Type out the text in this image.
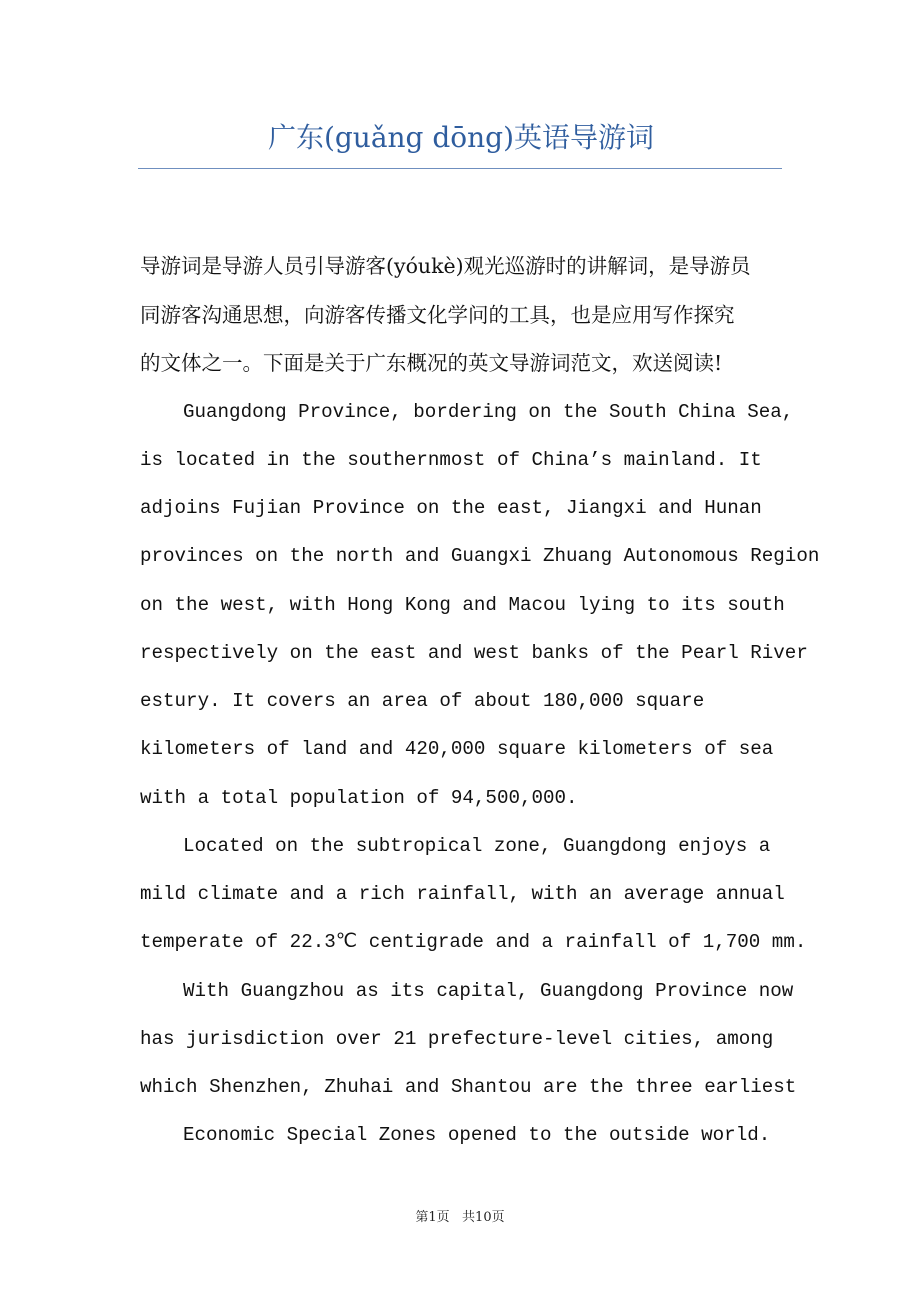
广东(guǎng dōng)英语导游词

导游词是导游人员引导游客(yóukè)观光巡游时的讲解词，是导游员
同游客沟通思想，向游客传播文化学问的工具，也是应用写作探究
的文体之一。下面是关于广东概况的英文导游词范文，欢送阅读!

Guangdong Province, bordering on the South China Sea,
is located in the southernmost of China’s mainland. It
adjoins Fujian Province on the east, Jiangxi and Hunan
provinces on the north and Guangxi Zhuang Autonomous Region
on the west, with Hong Kong and Macou lying to its south
respectively on the east and west banks of the Pearl River
estury. It covers an area of about 180,000 square
kilometers of land and 420,000 square kilometers of sea
with a total population of 94,500,000.

Located on the subtropical zone, Guangdong enjoys a
mild climate and a rich rainfall, with an average annual
temperate of 22.3℃ centigrade and a rainfall of 1,700 mm.

With Guangzhou as its capital, Guangdong Province now
has jurisdiction over 21 prefecture-level cities, among
which Shenzhen, Zhuhai and Shantou are the three earliest
Economic Special Zones opened to the outside world.

第1页   共10页
